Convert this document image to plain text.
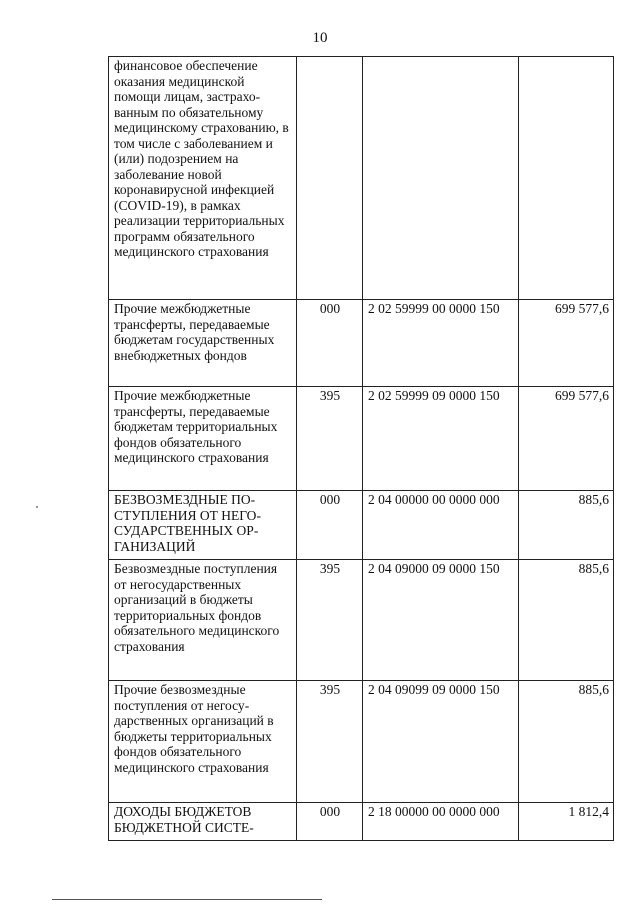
10
финансовое обеспечение оказания медицинской помощи лицам, застрахованным по обязательному медицинскому страхованию, в том числе с заболеванием и (или) подозрением на заболевание новой коронавирусной инфекцией (COVID-19), в рамках реализации территориальных программ обязательного медицинского страхования			
Прочие межбюджетные трансферты, передаваемые бюджетам государственных внебюджетных фондов	000	2 02 59999 00 0000 150	699 577,6
Прочие межбюджетные трансферты, передаваемые бюджетам территориальных фондов обязательного медицинского страхования	395	2 02 59999 09 0000 150	699 577,6
БЕЗВОЗМЕЗДНЫЕ ПОСТУПЛЕНИЯ ОТ НЕГОСУДАРСТВЕННЫХ ОРГАНИЗАЦИЙ	000	2 04 00000 00 0000 000	885,6
Безвозмездные поступления от негосударственных организаций в бюджеты территориальных фондов обязательного медицинского страхования	395	2 04 09000 09 0000 150	885,6
Прочие безвозмездные поступления от негосударственных организаций в бюджеты территориальных фондов обязательного медицинского страхования	395	2 04 09099 09 0000 150	885,6
ДОХОДЫ БЮДЖЕТОВ БЮДЖЕТНОЙ СИСТЕ-	000	2 18 00000 00 0000 000	1 812,4
